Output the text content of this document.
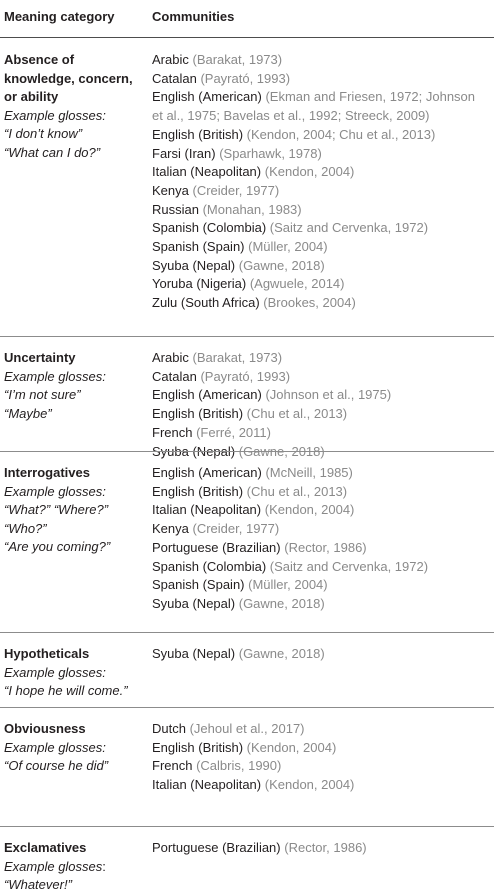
Meaning category	Communities
Absence of
knowledge, concern,
or ability
Example glosses:
“I don’t know”
“What can I do?”
Arabic (Barakat, 1973)
Catalan (Payrató, 1993)
English (American) (Ekman and Friesen, 1972; Johnson
et al., 1975; Bavelas et al., 1992; Streeck, 2009)
English (British) (Kendon, 2004; Chu et al., 2013)
Farsi (Iran) (Sparhawk, 1978)
Italian (Neapolitan) (Kendon, 2004)
Kenya (Creider, 1977)
Russian (Monahan, 1983)
Spanish (Colombia) (Saitz and Cervenka, 1972)
Spanish (Spain) (Müller, 2004)
Syuba (Nepal) (Gawne, 2018)
Yoruba (Nigeria) (Agwuele, 2014)
Zulu (South Africa) (Brookes, 2004)
Uncertainty
Example glosses:
“I’m not sure”
“Maybe”
Arabic (Barakat, 1973)
Catalan (Payrató, 1993)
English (American) (Johnson et al., 1975)
English (British) (Chu et al., 2013)
French (Ferré, 2011)
Syuba (Nepal) (Gawne, 2018)
Interrogatives
Example glosses:
“What?” “Where?”
“Who?”
“Are you coming?”
English (American) (McNeill, 1985)
English (British) (Chu et al., 2013)
Italian (Neapolitan) (Kendon, 2004)
Kenya (Creider, 1977)
Portuguese (Brazilian) (Rector, 1986)
Spanish (Colombia) (Saitz and Cervenka, 1972)
Spanish (Spain) (Müller, 2004)
Syuba (Nepal) (Gawne, 2018)
Hypotheticals
Example glosses:
“I hope he will come.”
Syuba (Nepal) (Gawne, 2018)
Obviousness
Example glosses:
“Of course he did”
Dutch (Jehoul et al., 2017)
English (British) (Kendon, 2004)
French (Calbris, 1990)
Italian (Neapolitan) (Kendon, 2004)
Exclamatives
Example glosses:
“Whatever!”
Portuguese (Brazilian) (Rector, 1986)
